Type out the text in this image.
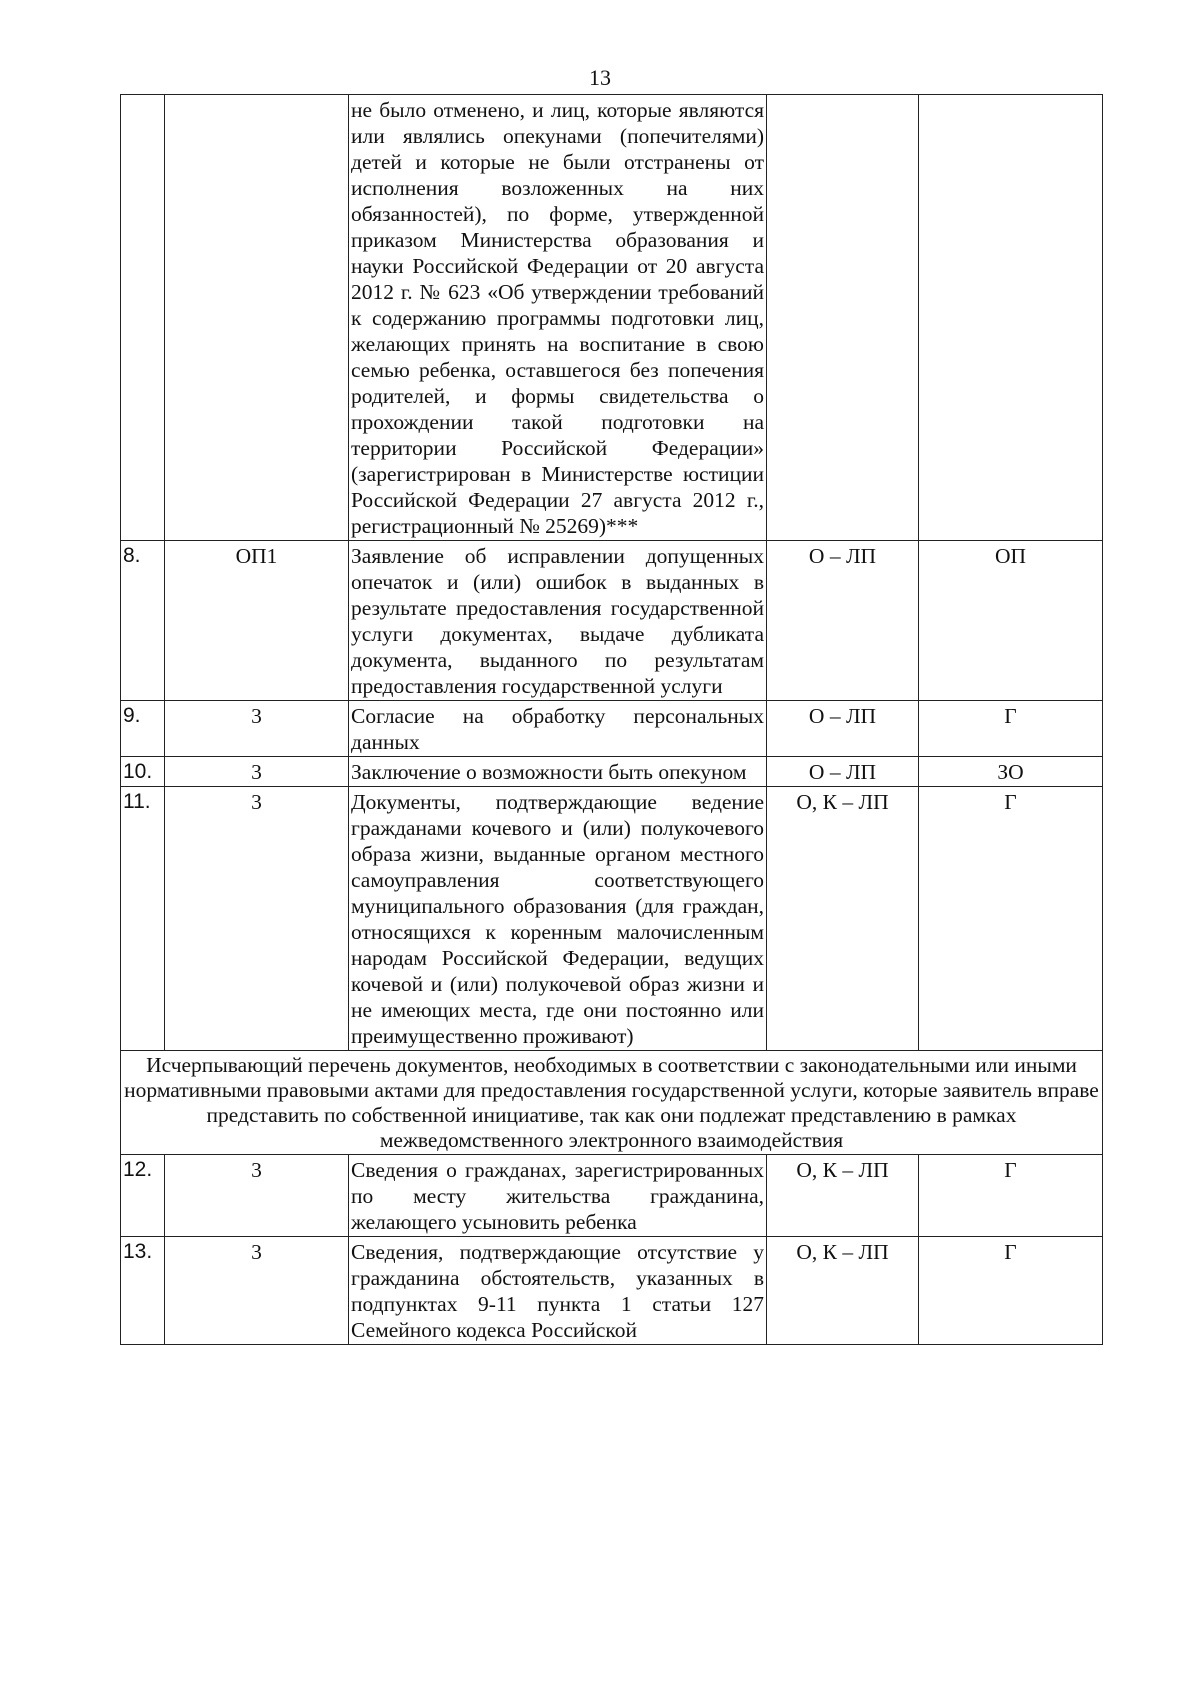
13
		не было отменено, и лиц, которые являются или являлись опекунами (попечителями) детей и которые не были отстранены от исполнения возложенных на них обязанностей), по форме, утвержденной приказом Министерства образования и науки Российской Федерации от 20 августа 2012 г. № 623 «Об утверждении требований к содержанию программы подготовки лиц, желающих принять на воспитание в свою семью ребенка, оставшегося без попечения родителей, и формы свидетельства о прохождении такой подготовки на территории Российской Федерации» (зарегистрирован в Министерстве юстиции Российской Федерации 27 августа 2012 г., регистрационный № 25269)***		
8.	ОП1	Заявление об исправлении допущенных опечаток и (или) ошибок в выданных в результате предоставления государственной услуги документах, выдаче дубликата документа, выданного по результатам предоставления государственной услуги	О – ЛП	ОП
9.	3	Согласие на обработку персональных данных	О – ЛП	Г
10.	3	Заключение о возможности быть опекуном	О – ЛП	ЗО
11.	3	Документы, подтверждающие ведение гражданами кочевого и (или) полукочевого образа жизни, выданные органом местного самоуправления соответствующего муниципального образования (для граждан, относящихся к коренным малочисленным народам Российской Федерации, ведущих кочевой и (или) полукочевой образ жизни и не имеющих места, где они постоянно или преимущественно проживают)	О, К – ЛП	Г
Исчерпывающий перечень документов, необходимых в соответствии с законодательными или иными нормативными правовыми актами для предоставления государственной услуги, которые заявитель вправе представить по собственной инициативе, так как они подлежат представлению в рамках межведомственного электронного взаимодействия				
12.	3	Сведения о гражданах, зарегистрированных по месту жительства гражданина, желающего усыновить ребенка	О, К – ЛП	Г
13.	3	Сведения, подтверждающие отсутствие у гражданина обстоятельств, указанных в подпунктах 9-11 пункта 1 статьи 127 Семейного кодекса Российской	О, К – ЛП	Г
